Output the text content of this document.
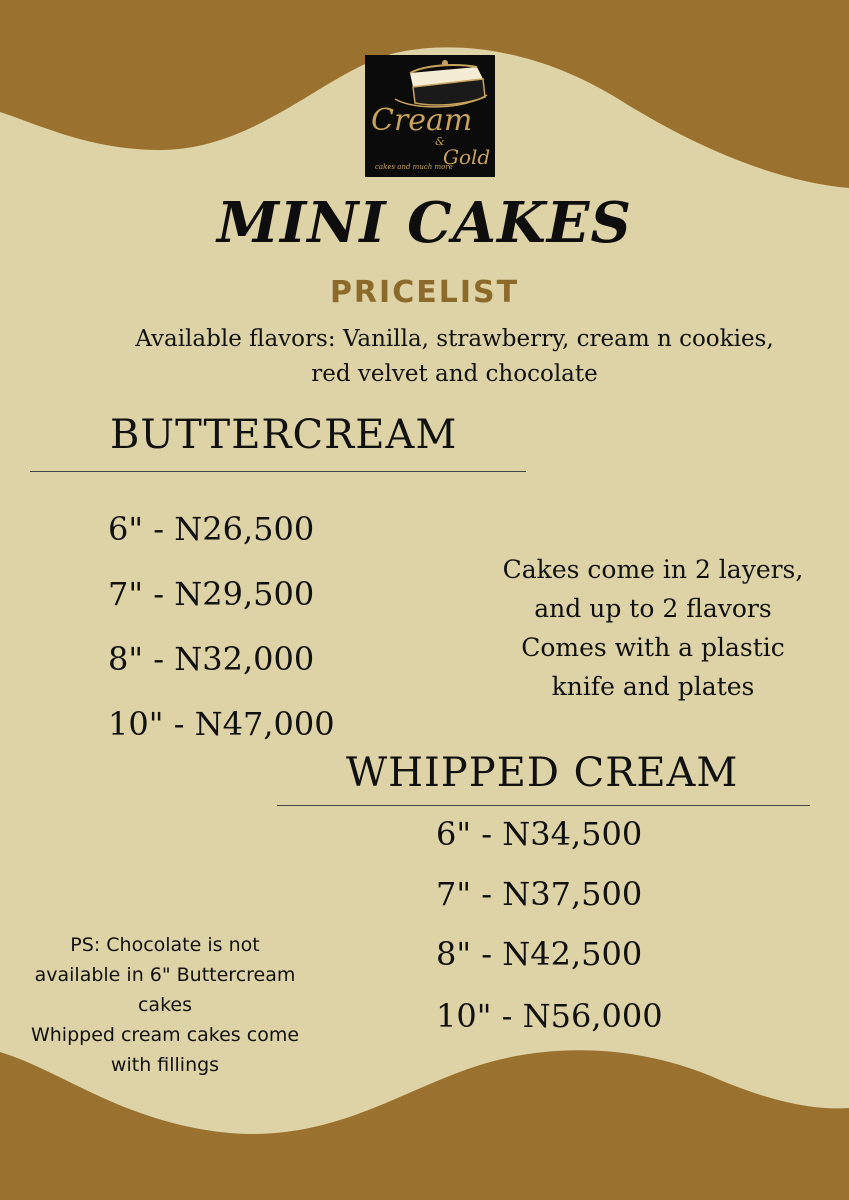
Cream
&
Gold
cakes and much more
MINI CAKES
PRICELIST
Available flavors: Vanilla, strawberry, cream n cookies, red velvet and chocolate
BUTTERCREAM
6" - N26,500
7" - N29,500
8" - N32,000
10" - N47,000
Cakes come in 2 layers,
and up to 2 flavors
Comes with a plastic
knife and plates
WHIPPED CREAM
6" - N34,500
7" - N37,500
8" - N42,500
10" - N56,000
PS: Chocolate is not
available in 6" Buttercream
cakes
Whipped cream cakes come
with fillings
